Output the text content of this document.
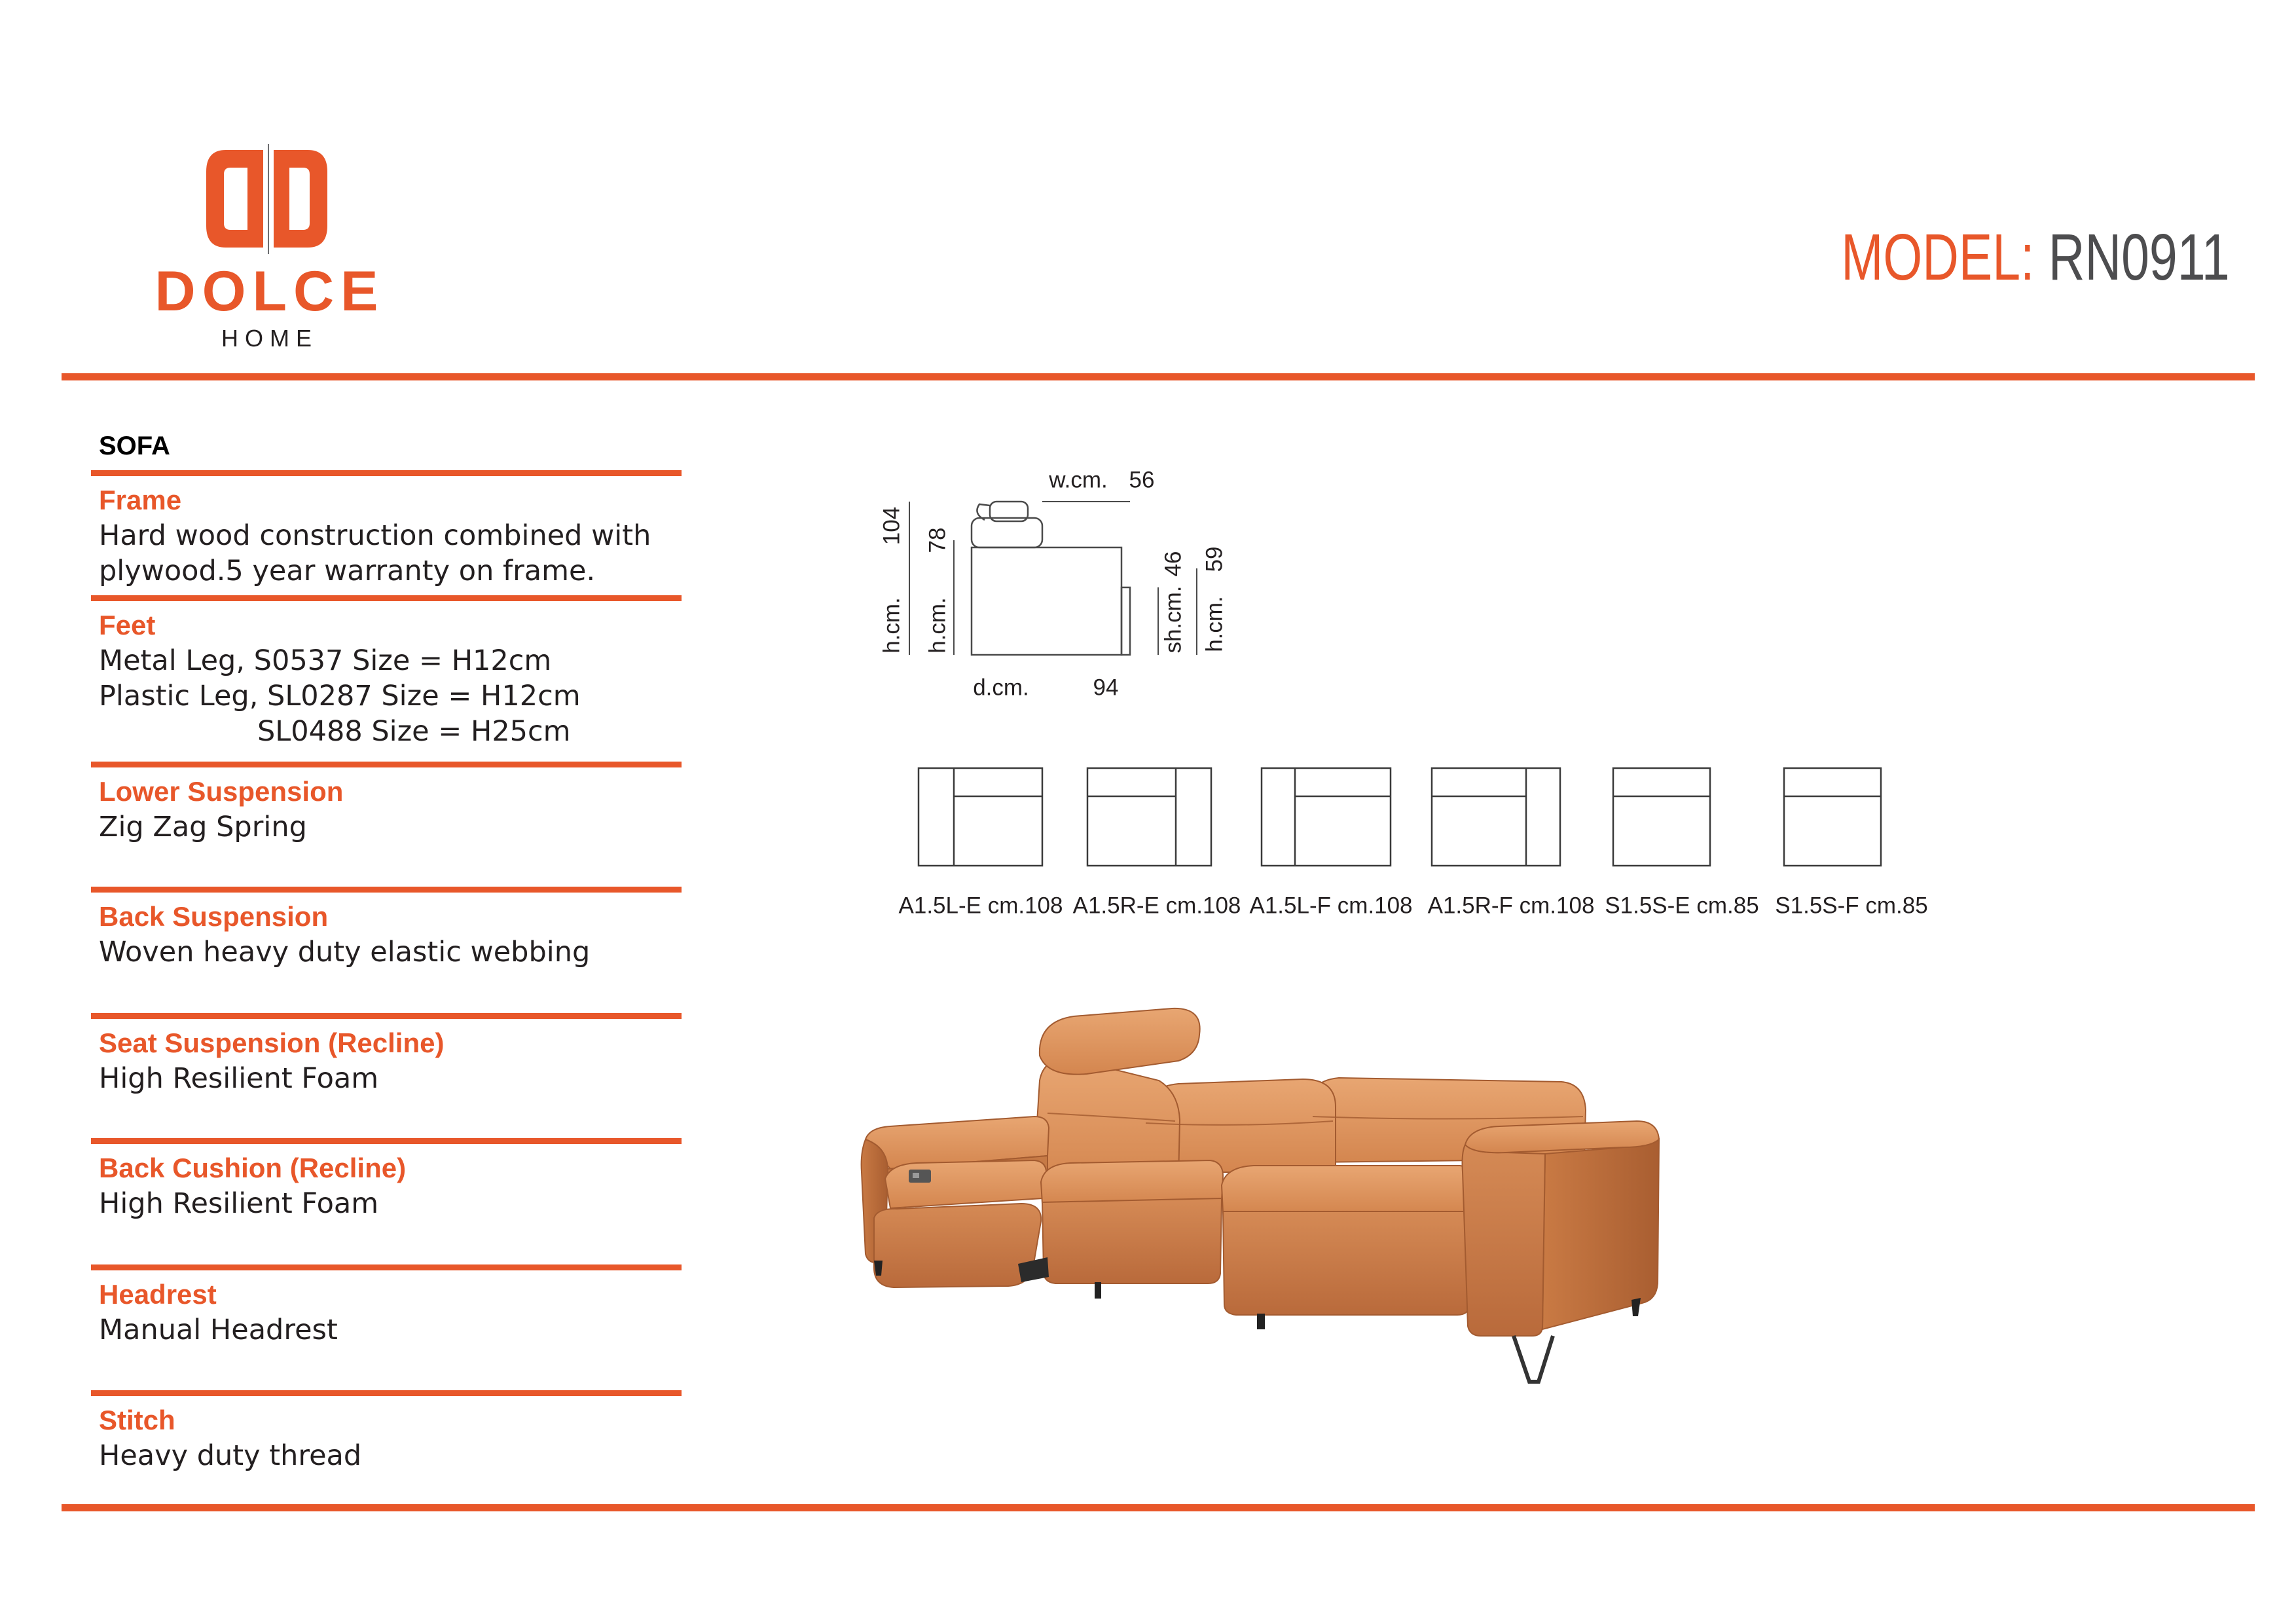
DOLCE
HOME
MODEL: RN0911
SOFA
Frame
Hard wood construction combined with
plywood.5 year warranty on frame.
Feet
Metal Leg, S0537 Size = H12cm
Plastic Leg, SL0287 Size = H12cm
SL0488 Size = H25cm
Lower Suspension
Zig Zag Spring
Back Suspension
Woven heavy duty elastic webbing
Seat Suspension (Recline)
High Resilient Foam
Back Cushion (Recline)
High Resilient Foam
Headrest
Manual Headrest
Stitch
Heavy duty thread
w.cm. 56
d.cm.	94
104
h.cm.
78
h.cm.
46
sh.cm.
59
h.cm.
A1.5L-E cm.108 A1.5R-E cm.108 A1.5L-F cm.108 A1.5R-F cm.108 S1.5S-E cm.85 S1.5S-F cm.85
